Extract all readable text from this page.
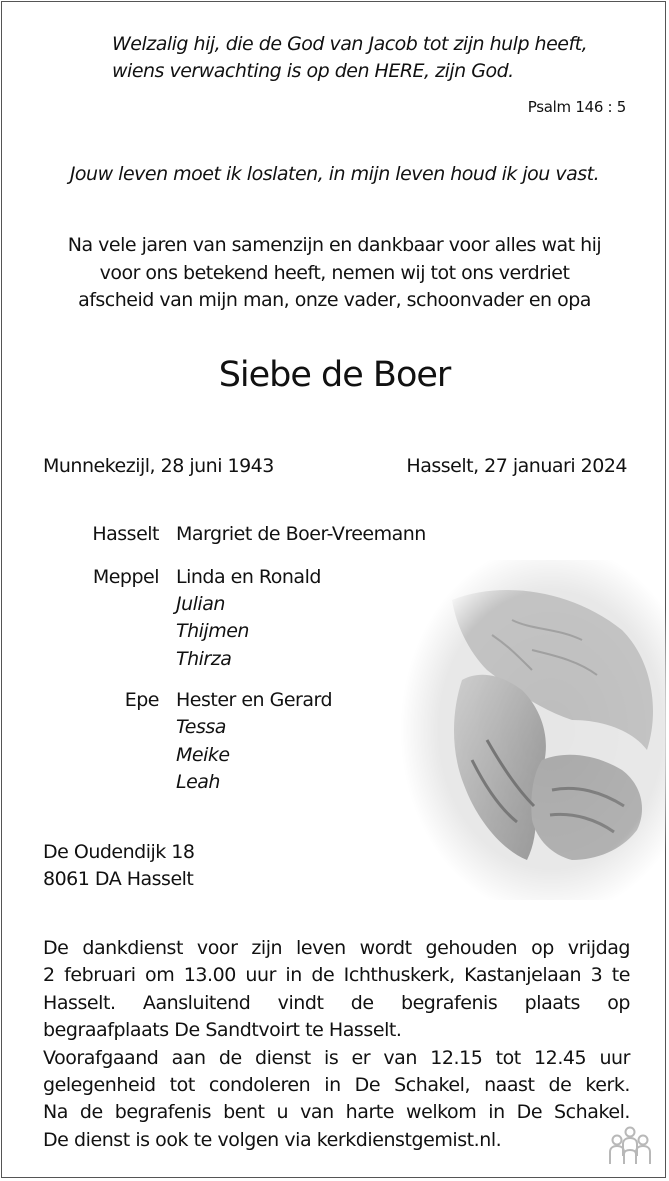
Welzalig hij, die de God van Jacob tot zijn hulp heeft,
wiens verwachting is op den HERE, zijn God.
Psalm 146 : 5
Jouw leven moet ik loslaten, in mijn leven houd ik jou vast.
Na vele jaren van samenzijn en dankbaar voor alles wat hij
voor ons betekend heeft, nemen wij tot ons verdriet
afscheid van mijn man, onze vader, schoonvader en opa
Siebe de Boer
Munnekezijl, 28 juni 1943	Hasselt, 27 januari 2024
Hasselt Margriet de Boer-Vreemann
Meppel Linda en Ronald
Julian
Thijmen
Thirza
Epe Hester en Gerard
Tessa
Meike
Leah
De Oudendijk 18
8061 DA Hasselt
De dankdienst voor zijn leven wordt gehouden op vrijdag
2 februari om 13.00 uur in de Ichthuskerk, Kastanjelaan 3 te
Hasselt. Aansluitend vindt de begrafenis plaats op
begraafplaats De Sandtvoirt te Hasselt.
Voorafgaand aan de dienst is er van 12.15 tot 12.45 uur
gelegenheid tot condoleren in De Schakel, naast de kerk.
Na de begrafenis bent u van harte welkom in De Schakel.
De dienst is ook te volgen via kerkdienstgemist.nl.
